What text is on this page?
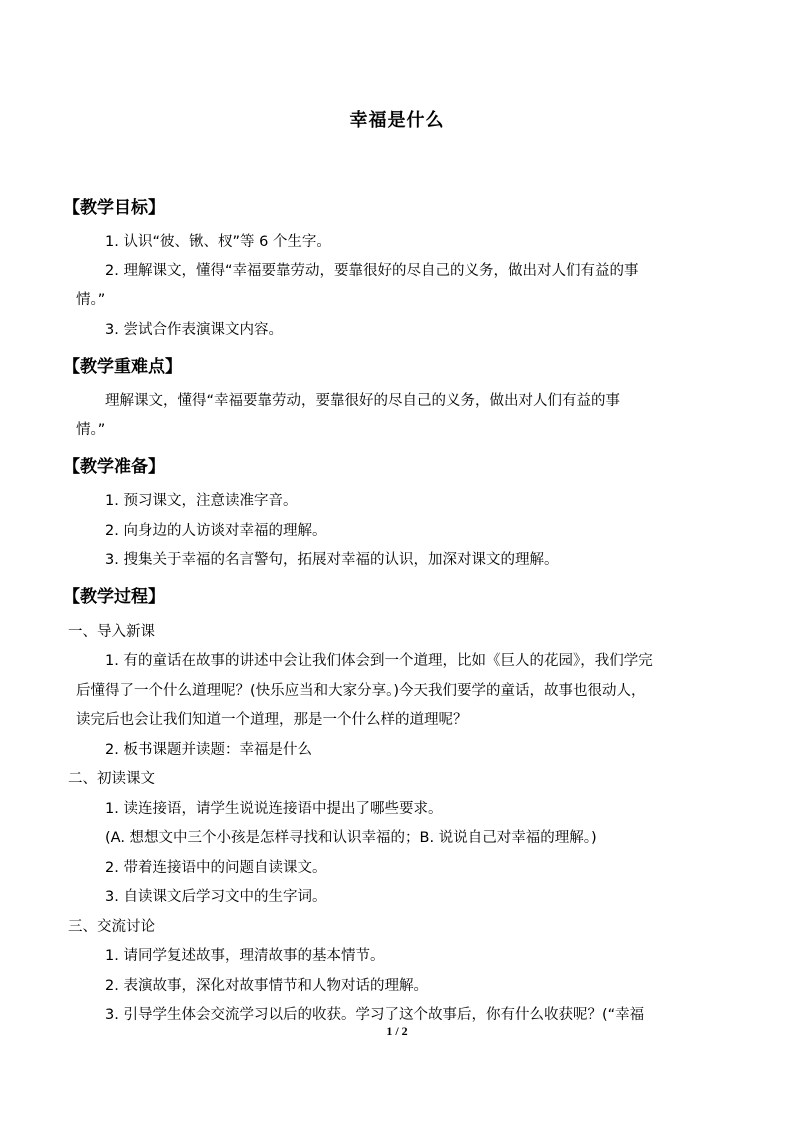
幸福是什么
【教学目标】
1. 认识“彼、锹、杈”等 6 个生字。
2. 理解课文，懂得“幸福要靠劳动，要靠很好的尽自己的义务，做出对人们有益的事
情。”
3. 尝试合作表演课文内容。
【教学重难点】
理解课文，懂得“幸福要靠劳动，要靠很好的尽自己的义务，做出对人们有益的事
情。”
【教学准备】
1. 预习课文，注意读准字音。
2. 向身边的人访谈对幸福的理解。
3. 搜集关于幸福的名言警句，拓展对幸福的认识，加深对课文的理解。
【教学过程】
一、导入新课
1. 有的童话在故事的讲述中会让我们体会到一个道理，比如《巨人的花园》，我们学完
后懂得了一个什么道理呢？(快乐应当和大家分享。)今天我们要学的童话，故事也很动人，
读完后也会让我们知道一个道理，那是一个什么样的道理呢？
2. 板书课题并读题：幸福是什么
二、初读课文
1. 读连接语，请学生说说连接语中提出了哪些要求。
(A. 想想文中三个小孩是怎样寻找和认识幸福的；B. 说说自己对幸福的理解。)
2. 带着连接语中的问题自读课文。
3. 自读课文后学习文中的生字词。
三、交流讨论
1. 请同学复述故事，理清故事的基本情节。
2. 表演故事，深化对故事情节和人物对话的理解。
3. 引导学生体会交流学习以后的收获。学习了这个故事后，你有什么收获呢？(“幸福
1 / 2
